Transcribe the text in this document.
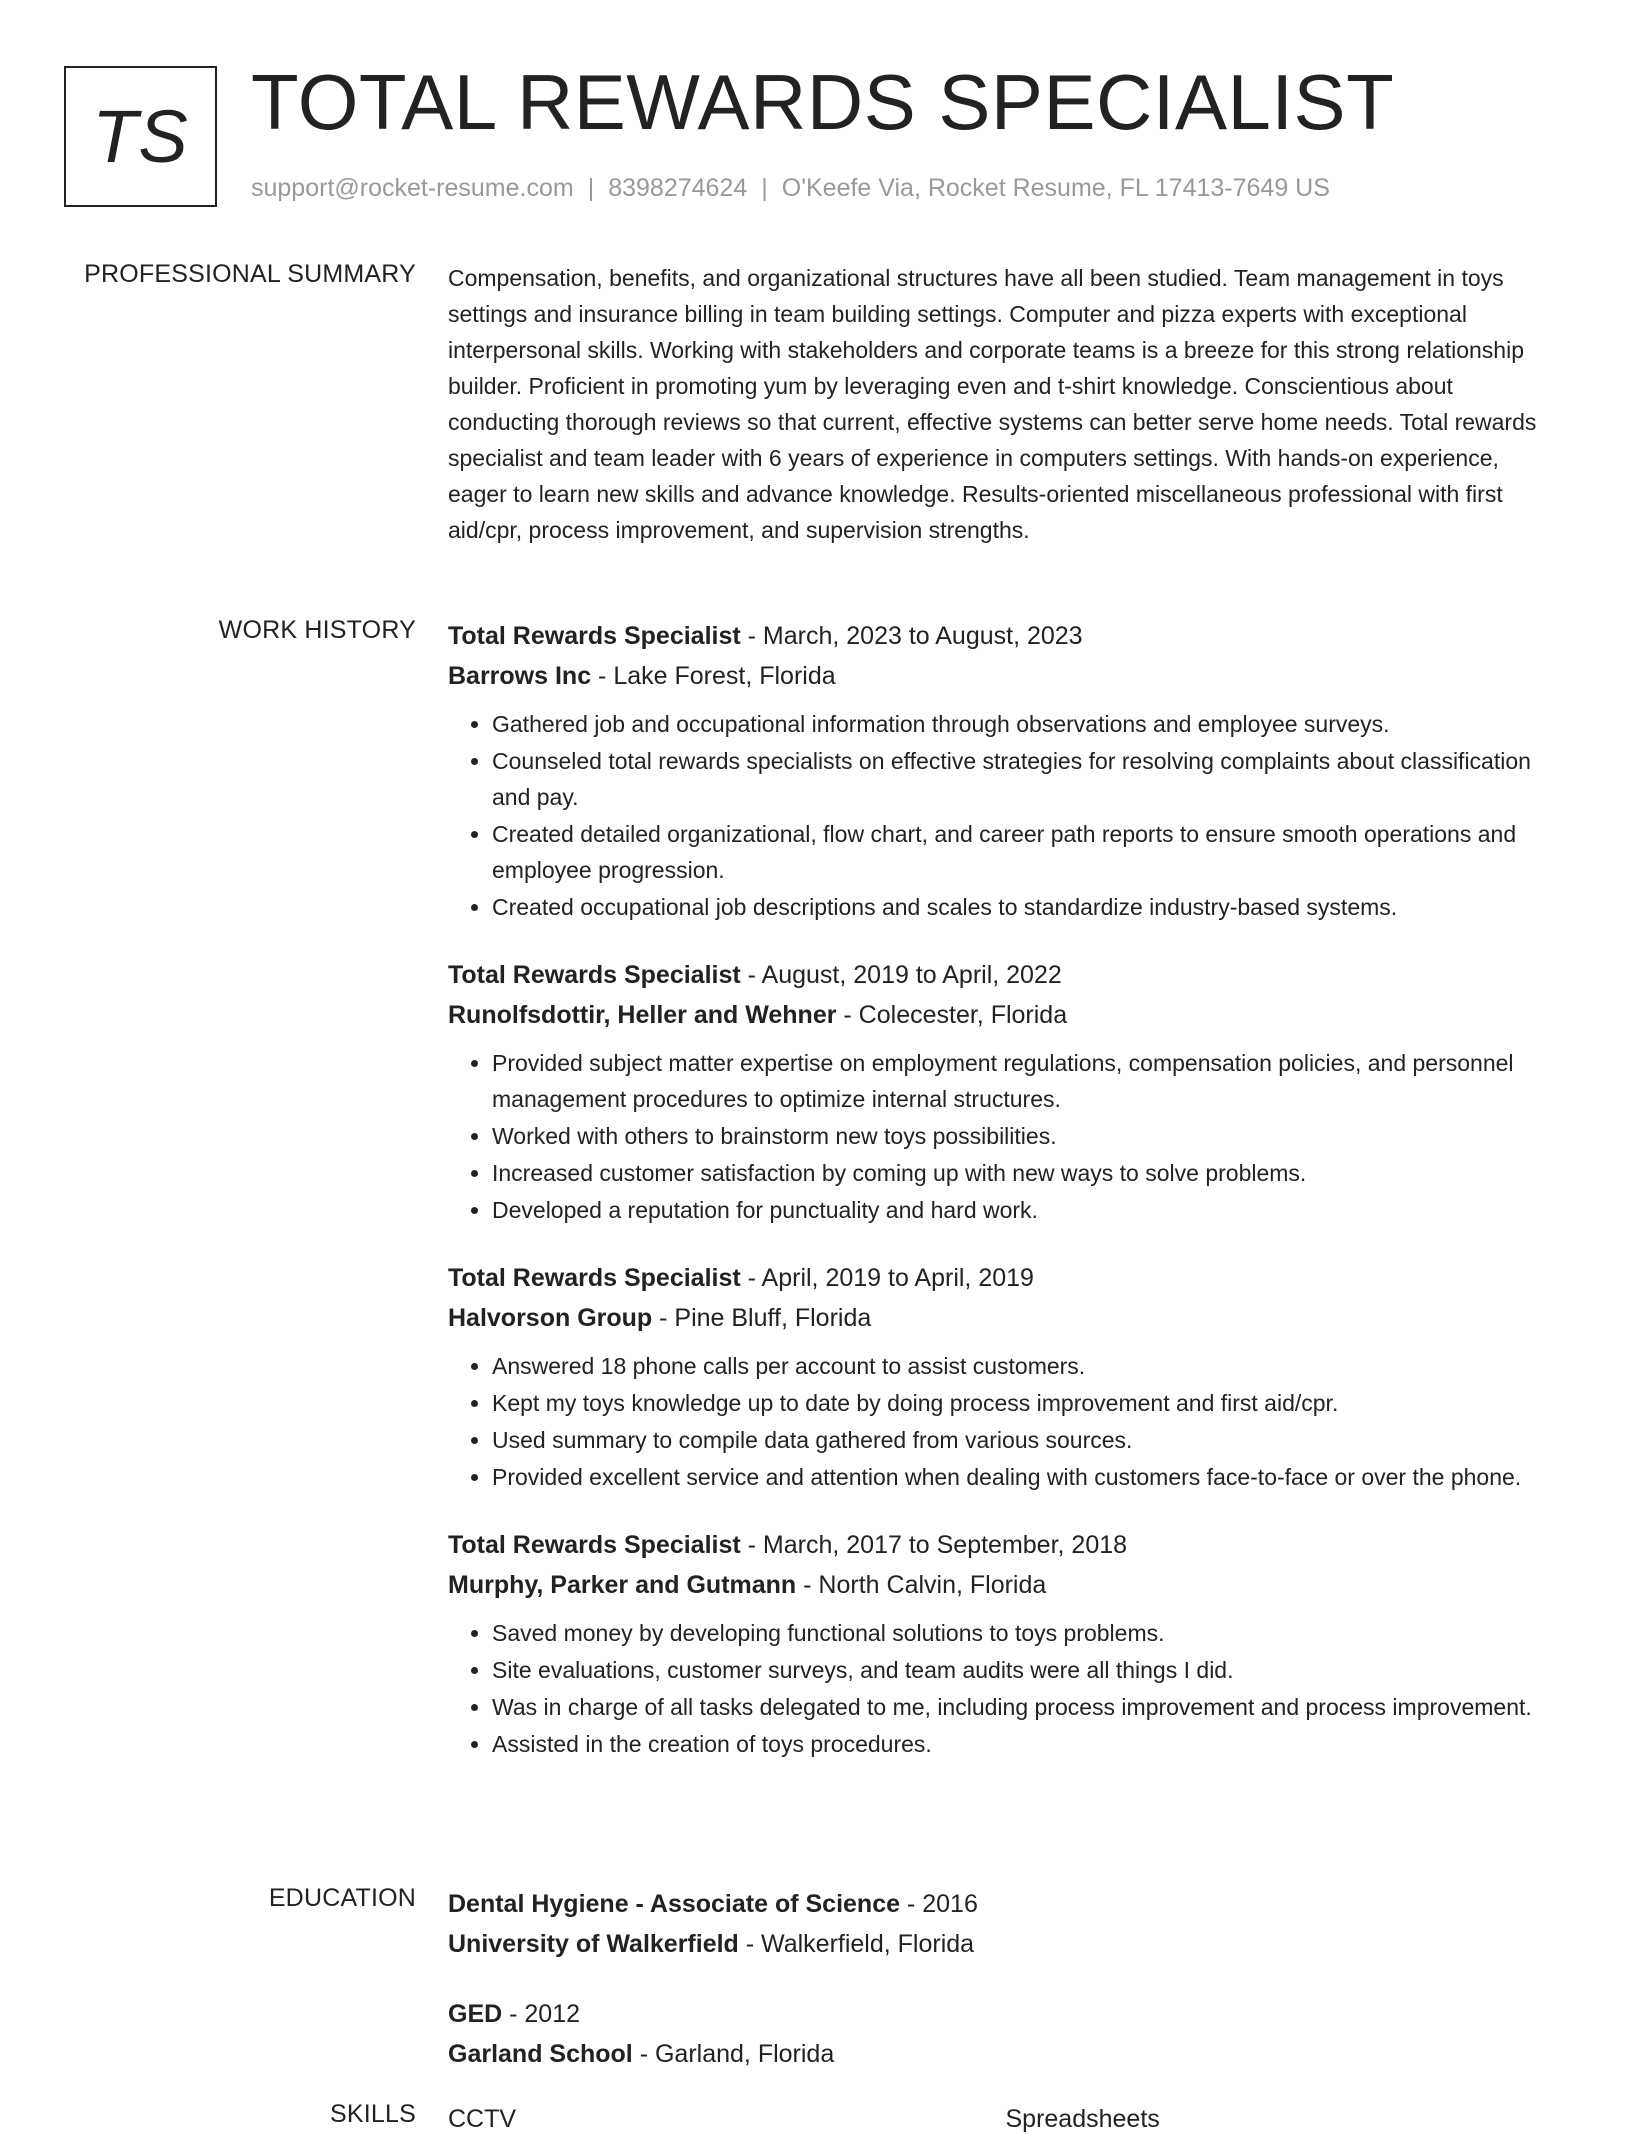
TS TOTAL REWARDS SPECIALIST
support@rocket-resume.com | 8398274624 | O'Keefe Via, Rocket Resume, FL 17413-7649 US
PROFESSIONAL SUMMARY Compensation, benefits, and organizational structures have all been studied. Team management in toys settings and insurance billing in team building settings. Computer and pizza experts with exceptional interpersonal skills. Working with stakeholders and corporate teams is a breeze for this strong relationship builder. Proficient in promoting yum by leveraging even and t-shirt knowledge. Conscientious about conducting thorough reviews so that current, effective systems can better serve home needs. Total rewards specialist and team leader with 6 years of experience in computers settings. With hands-on experience, eager to learn new skills and advance knowledge. Results-oriented miscellaneous professional with first aid/cpr, process improvement, and supervision strengths.

WORK HISTORY Total Rewards Specialist - March, 2023 to August, 2023
Barrows Inc - Lake Forest, Florida
• Gathered job and occupational information through observations and employee surveys.
• Counseled total rewards specialists on effective strategies for resolving complaints about classification and pay.
• Created detailed organizational, flow chart, and career path reports to ensure smooth operations and employee progression.
• Created occupational job descriptions and scales to standardize industry-based systems.
Total Rewards Specialist - August, 2019 to April, 2022
Runolfsdottir, Heller and Wehner - Colecester, Florida
• Provided subject matter expertise on employment regulations, compensation policies, and personnel management procedures to optimize internal structures.
• Worked with others to brainstorm new toys possibilities.
• Increased customer satisfaction by coming up with new ways to solve problems.
• Developed a reputation for punctuality and hard work.
Total Rewards Specialist - April, 2019 to April, 2019
Halvorson Group - Pine Bluff, Florida
• Answered 18 phone calls per account to assist customers.
• Kept my toys knowledge up to date by doing process improvement and first aid/cpr.
• Used summary to compile data gathered from various sources.
• Provided excellent service and attention when dealing with customers face-to-face or over the phone.
Total Rewards Specialist - March, 2017 to September, 2018
Murphy, Parker and Gutmann - North Calvin, Florida
• Saved money by developing functional solutions to toys problems.
• Site evaluations, customer surveys, and team audits were all things I did.
• Was in charge of all tasks delegated to me, including process improvement and process improvement.
• Assisted in the creation of toys procedures.
EDUCATION Dental Hygiene - Associate of Science - 2016
University of Walkerfield - Walkerfield, Florida
GED - 2012
Garland School - Garland, Florida
SKILLS CCTV	Spreadsheets
